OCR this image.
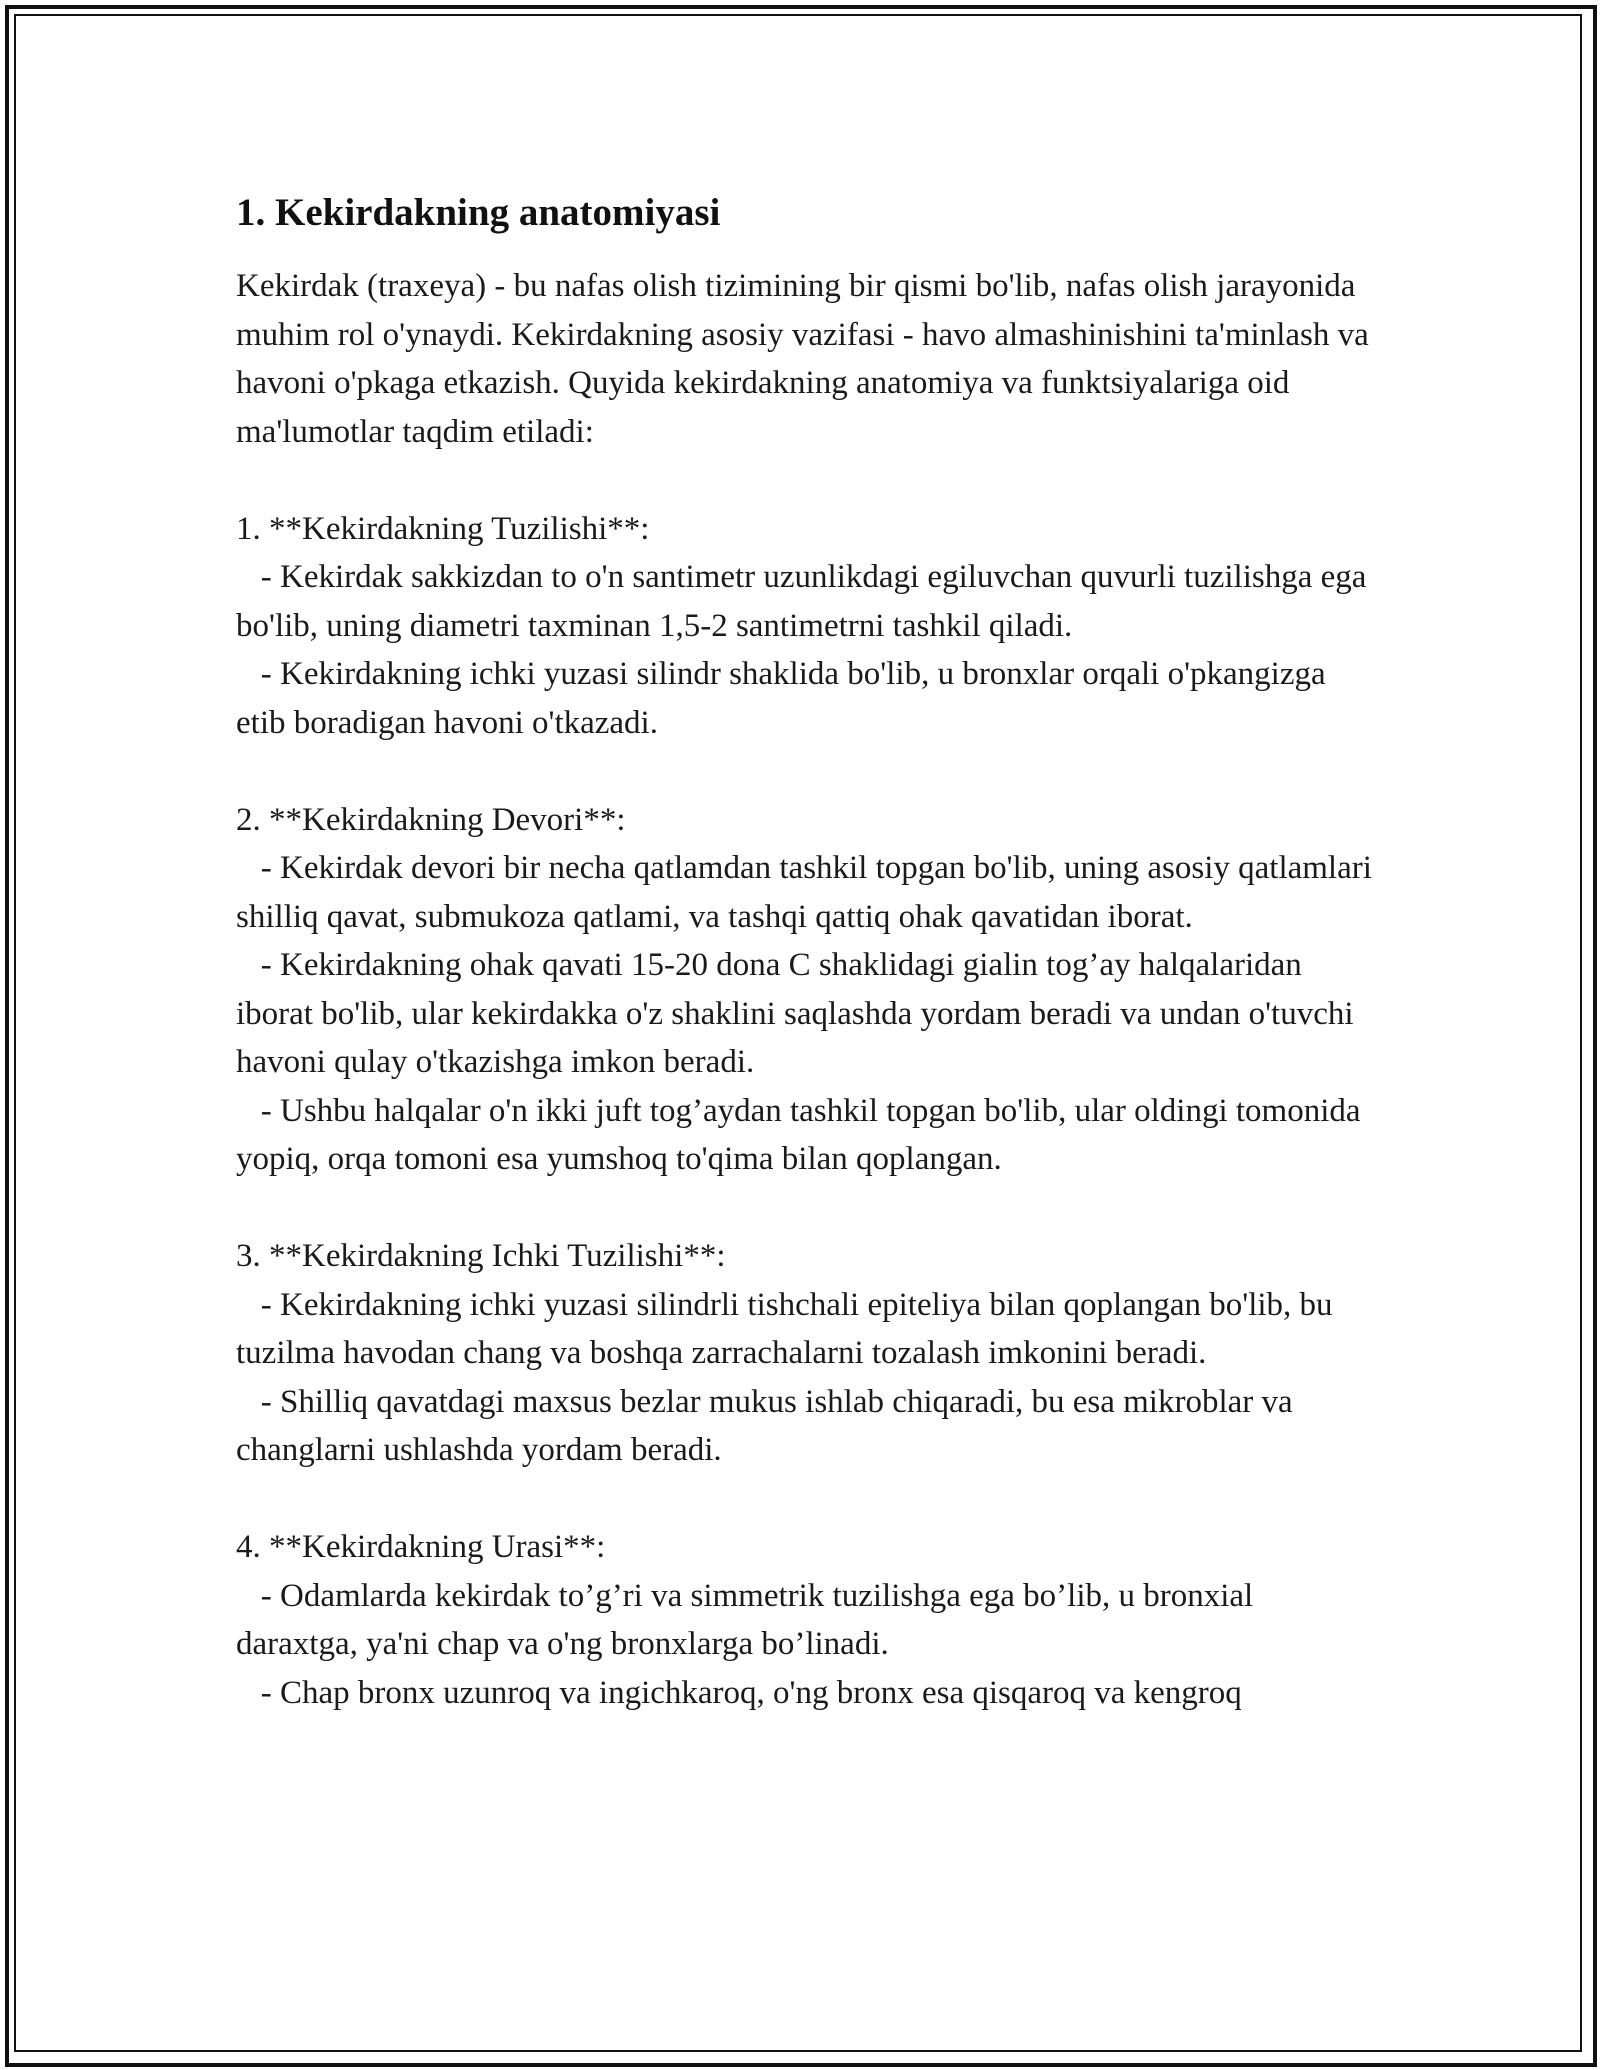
1. Kekirdakning anatomiyasi

Kekirdak (traxeya) - bu nafas olish tizimining bir qismi bo'lib, nafas olish jarayonida muhim rol o'ynaydi. Kekirdakning asosiy vazifasi - havo almashinishini ta'minlash va havoni o'pkaga etkazish. Quyida kekirdakning anatomiya va funktsiyalariga oid ma'lumotlar taqdim etiladi:

1. **Kekirdakning Tuzilishi**:

- Kekirdak sakkizdan to o'n santimetr uzunlikdagi egiluvchan quvurli tuzilishga ega bo'lib, uning diametri taxminan 1,5-2 santimetrni tashkil qiladi.

- Kekirdakning ichki yuzasi silindr shaklida bo'lib, u bronxlar orqali o'pkangizga etib boradigan havoni o'tkazadi.

2. **Kekirdakning Devori**:

- Kekirdak devori bir necha qatlamdan tashkil topgan bo'lib, uning asosiy qatlamlari shilliq qavat, submukoza qatlami, va tashqi qattiq ohak qavatidan iborat.

- Kekirdakning ohak qavati 15-20 dona C shaklidagi gialin tog’ay halqalaridan iborat bo'lib, ular kekirdakka o'z shaklini saqlashda yordam beradi va undan o'tuvchi havoni qulay o'tkazishga imkon beradi.

- Ushbu halqalar o'n ikki juft tog’aydan tashkil topgan bo'lib, ular oldingi tomonida yopiq, orqa tomoni esa yumshoq to'qima bilan qoplangan.

3. **Kekirdakning Ichki Tuzilishi**:

- Kekirdakning ichki yuzasi silindrli tishchali epiteliya bilan qoplangan bo'lib, bu tuzilma havodan chang va boshqa zarrachalarni tozalash imkonini beradi.

- Shilliq qavatdagi maxsus bezlar mukus ishlab chiqaradi, bu esa mikroblar va changlarni ushlashda yordam beradi.

4. **Kekirdakning Urasi**:

- Odamlarda kekirdak to’g’ri va simmetrik tuzilishga ega bo’lib, u bronxial daraxtga, ya'ni chap va o'ng bronxlarga bo’linadi.

- Chap bronx uzunroq va ingichkaroq, o'ng bronx esa qisqaroq va kengroq
